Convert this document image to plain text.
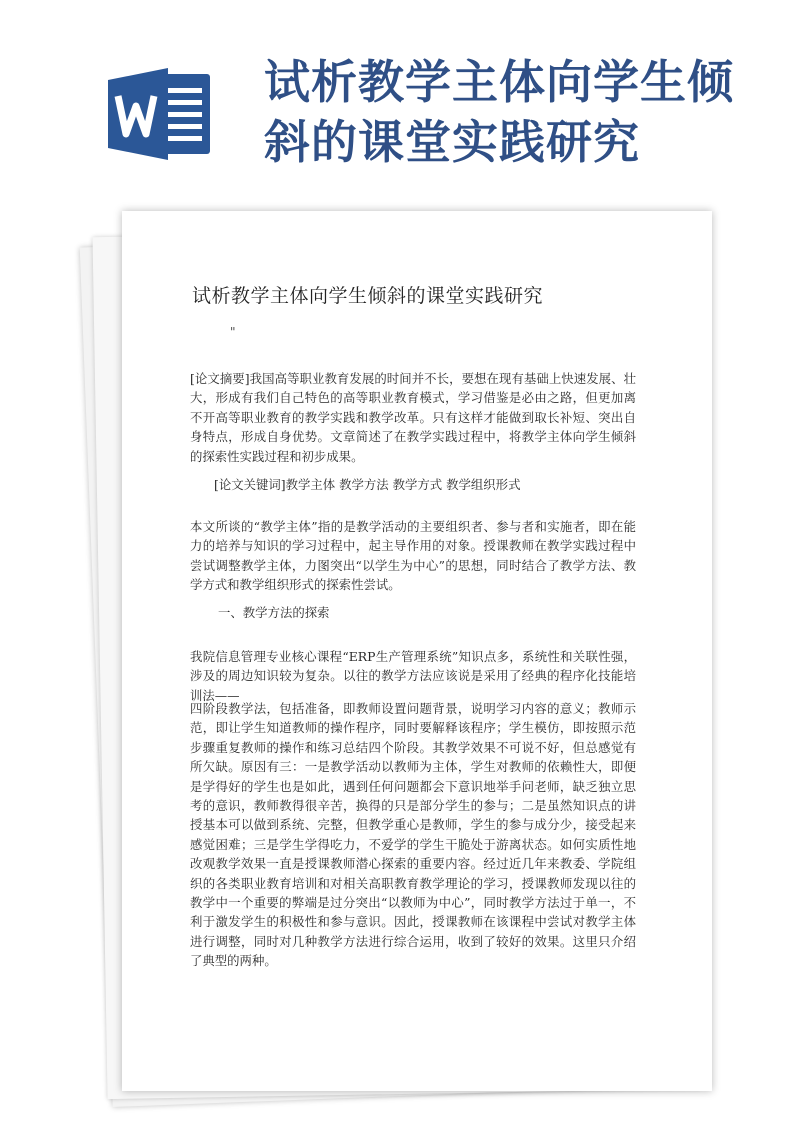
试析教学主体向学生倾斜的课堂实践研究
试析教学主体向学生倾斜的课堂实践研究
"
[论文摘要]我国高等职业教育发展的时间并不长，要想在现有基础上快速发展、壮大，形成有我们自己特色的高等职业教育模式，学习借鉴是必由之路，但更加离不开高等职业教育的教学实践和教学改革。只有这样才能做到取长补短、突出自身特点，形成自身优势。文章简述了在教学实践过程中，将教学主体向学生倾斜的探索性实践过程和初步成果。
[论文关键词]教学主体 教学方法 教学方式 教学组织形式
本文所谈的“教学主体”指的是教学活动的主要组织者、参与者和实施者，即在能力的培养与知识的学习过程中，起主导作用的对象。授课教师在教学实践过程中尝试调整教学主体，力图突出“以学生为中心”的思想，同时结合了教学方法、教学方式和教学组织形式的探索性尝试。
一、教学方法的探索
我院信息管理专业核心课程“ERP生产管理系统”知识点多，系统性和关联性强，涉及的周边知识较为复杂。以往的教学方法应该说是采用了经典的程序化技能培训法——
四阶段教学法，包括准备，即教师设置问题背景，说明学习内容的意义；教师示范，即让学生知道教师的操作程序，同时要解释该程序；学生模仿，即按照示范步骤重复教师的操作和练习总结四个阶段。其教学效果不可说不好，但总感觉有所欠缺。原因有三：一是教学活动以教师为主体，学生对教师的依赖性大，即便是学得好的学生也是如此，遇到任何问题都会下意识地举手问老师，缺乏独立思考的意识，教师教得很辛苦，换得的只是部分学生的参与；二是虽然知识点的讲授基本可以做到系统、完整，但教学重心是教师，学生的参与成分少，接受起来感觉困难；三是学生学得吃力，不爱学的学生干脆处于游离状态。如何实质性地改观教学效果一直是授课教师潜心探索的重要内容。经过近几年来教委、学院组织的各类职业教育培训和对相关高职教育教学理论的学习，授课教师发现以往的教学中一个重要的弊端是过分突出“以教师为中心”，同时教学方法过于单一，不利于激发学生的积极性和参与意识。因此，授课教师在该课程中尝试对教学主体进行调整，同时对几种教学方法进行综合运用，收到了较好的效果。这里只介绍了典型的两种。
